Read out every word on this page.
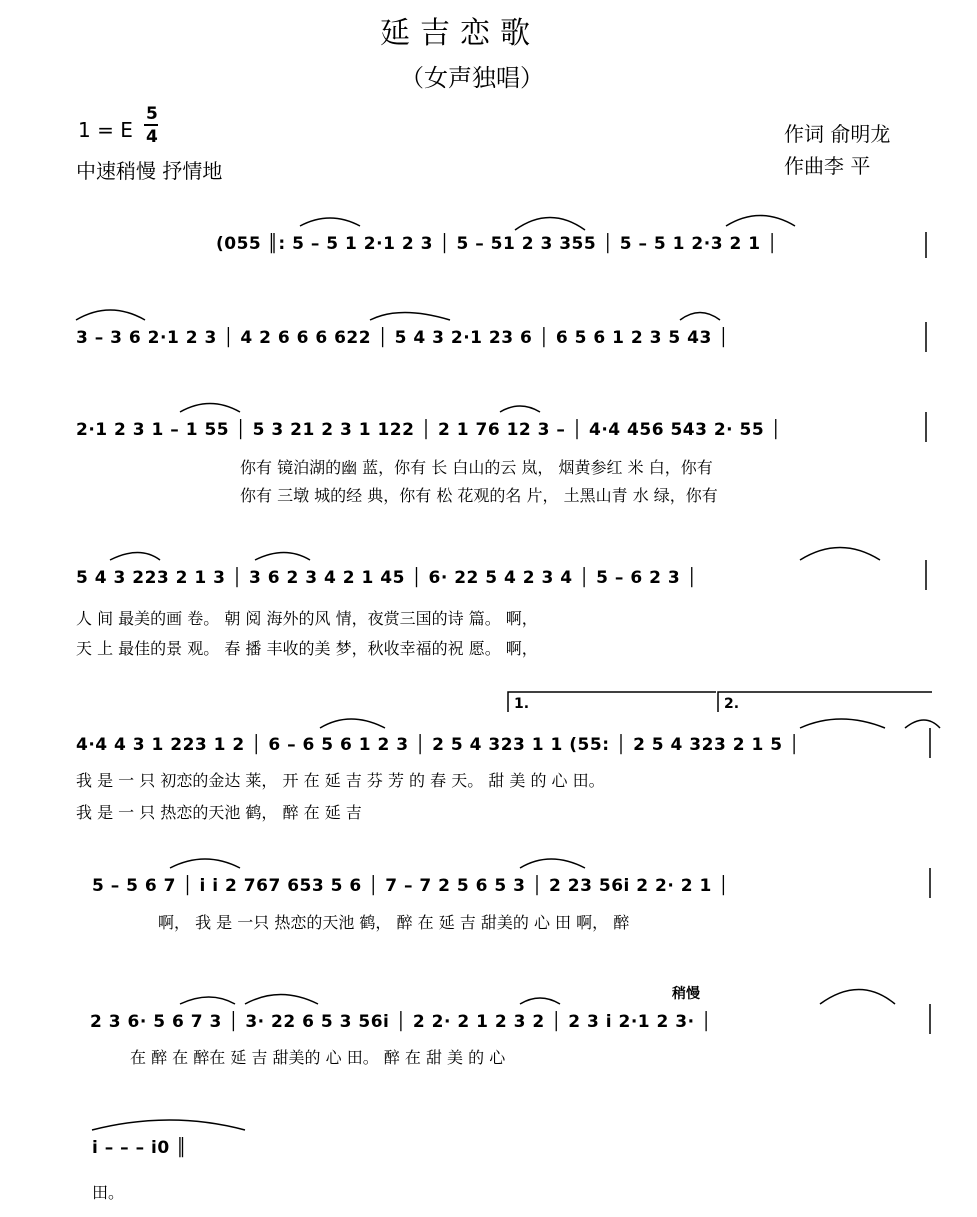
延吉恋歌
（女声独唱）
1 = E
5
4
中速稍慢 抒情地
作词 俞明龙
作曲李 平
(055 ║: 5 – 5 1 2·1 2 3 │ 5 – 51 2 3 355 │ 5 – 5 1 2·3 2 1 │
3 – 3 6 2·1 2 3 │ 4 2 6 6 6 622 │ 5 4 3 2·1 23 6 │ 6 5 6 1 2 3 5 43 │
2·1 2 3 1 – 1 55 │ 5 3 21 2 3 1 122 │ 2 1 76 12 3 – │ 4·4 456 543 2· 55 │
你有 镜泊湖的幽 蓝，你有 长 白山的云 岚， 烟黄参红 米 白，你有
你有 三墩 城的经 典，你有 松 花观的名 片， 土黑山青 水 绿，你有
5 4 3 223 2 1 3 │ 3 6 2 3 4 2 1 45 │ 6· 22 5 4 2 3 4 │ 5 – 6 2 3 │
人 间 最美的画 卷。 朝 阅 海外的风 情，夜赏三国的诗 篇。 啊，
天 上 最佳的景 观。 春 播 丰收的美 梦，秋收幸福的祝 愿。 啊，
1.	2.
4·4 4 3 1 223 1 2 │ 6 – 6 5 6 1 2 3 │ 2 5 4 323 1 1 (55: │ 2 5 4 323 2 1 5 │
我 是 一 只 初恋的金达 莱， 开 在 延 吉 芬 芳 的 春 天。 甜 美 的 心 田。
我 是 一 只 热恋的天池 鹤， 醉 在 延 吉
5 – 5 6 7 │ i i 2 767 653 5 6 │ 7 – 7 2 5 6 5 3 │ 2 23 56i 2 2· 2 1 │
啊， 我 是 一只 热恋的天池 鹤， 醉 在 延 吉 甜美的 心 田 啊， 醉
稍慢
2 3 6· 5 6 7 3 │ 3· 22 6 5 3 56i │ 2 2· 2 1 2 3 2 │ 2 3 i 2·1 2 3· │
在 醉 在 醉在 延 吉 甜美的 心 田。 醉 在 甜 美 的 心
i – – – i0 ║
田。
